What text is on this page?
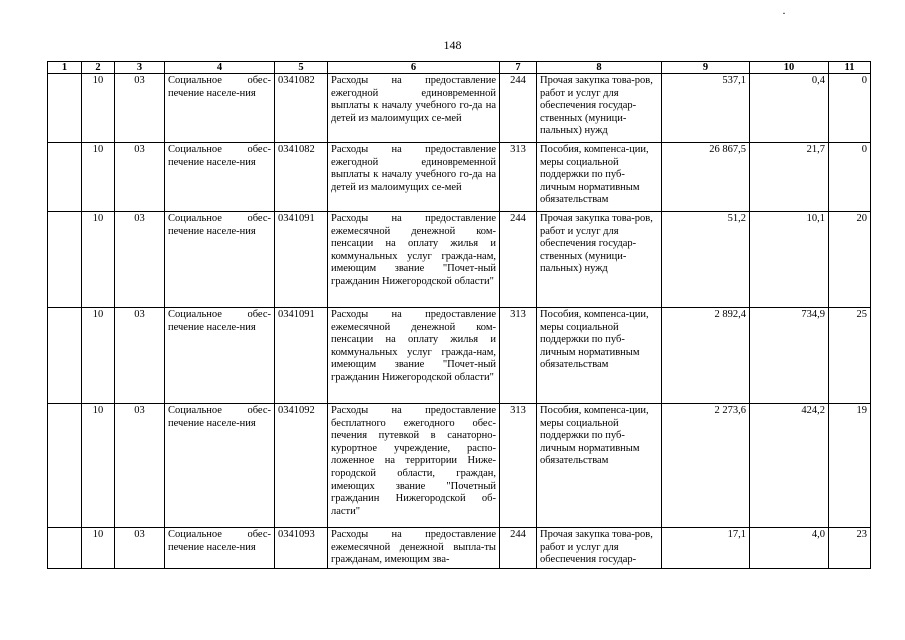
·
148
1	2	3	4	5	6	7	8	9	10	11
	10	03	Социальное обес-печение населе-ния	0341082	Расходы на предоставление ежегодной единовременной выплаты к началу учебного го-да на детей из малоимущих се-мей	244	Прочая закупка това-ров, работ и услуг для обеспечения государ-ственных (муници-пальных) нужд	537,1	0,4	0
	10	03	Социальное обес-печение населе-ния	0341082	Расходы на предоставление ежегодной единовременной выплаты к началу учебного го-да на детей из малоимущих се-мей	313	Пособия, компенса-ции, меры социальной поддержки по пуб-личным нормативным обязательствам	26 867,5	21,7	0
	10	03	Социальное обес-печение населе-ния	0341091	Расходы на предоставление ежемесячной денежной ком-пенсации на оплату жилья и коммунальных услуг гражда-нам, имеющим звание "Почет-ный гражданин Нижегородской области"	244	Прочая закупка това-ров, работ и услуг для обеспечения государ-ственных (муници-пальных) нужд	51,2	10,1	20
	10	03	Социальное обес-печение населе-ния	0341091	Расходы на предоставление ежемесячной денежной ком-пенсации на оплату жилья и коммунальных услуг гражда-нам, имеющим звание "Почет-ный гражданин Нижегородской области"	313	Пособия, компенса-ции, меры социальной поддержки по пуб-личным нормативным обязательствам	2 892,4	734,9	25
	10	03	Социальное обес-печение населе-ния	0341092	Расходы на предоставление бесплатного ежегодного обес-печения путевкой в санаторно-курортное учреждение, распо-ложенное на территории Ниже-городской области, граждан, имеющих звание "Почетный гражданин Нижегородской об-ласти"	313	Пособия, компенса-ции, меры социальной поддержки по пуб-личным нормативным обязательствам	2 273,6	424,2	19
	10	03	Социальное обес-печение населе-ния	0341093	Расходы на предоставление ежемесячной денежной выпла-ты гражданам, имеющим зва-	244	Прочая закупка това-ров, работ и услуг для обеспечения государ-	17,1	4,0	23
